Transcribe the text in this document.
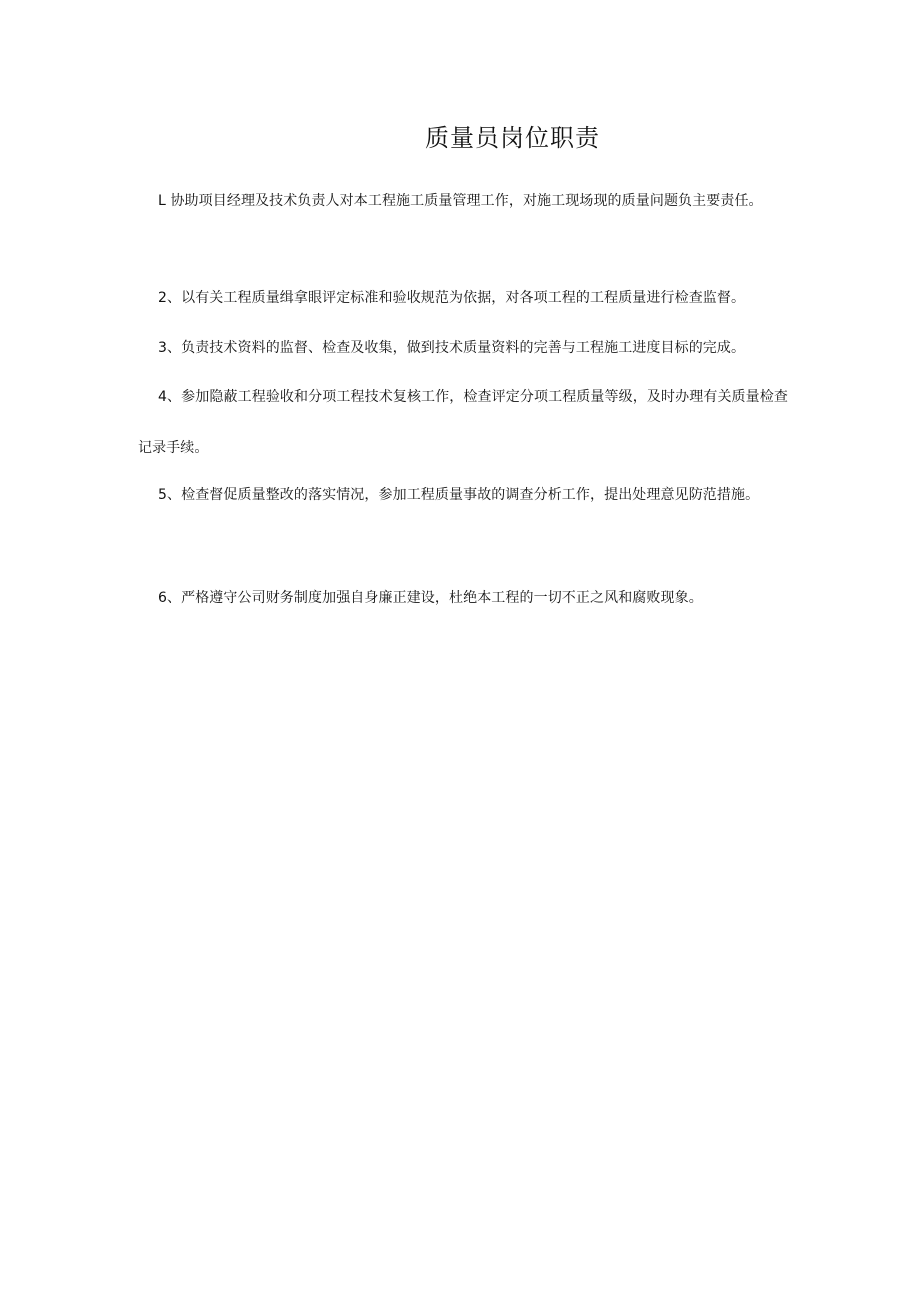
质量员岗位职责

L 协助项目经理及技术负责人对本工程施工质量管理工作，对施工现场现的质量问题负主要责任。

2、以有关工程质量缉拿眼评定标准和验收规范为依据，对各项工程的工程质量进行检查监督。

3、负责技术资料的监督、检查及收集，做到技术质量资料的完善与工程施工进度目标的完成。

4、参加隐蔽工程验收和分项工程技术复核工作，检查评定分项工程质量等级，及时办理有关质量检查记录手续。

5、检查督促质量整改的落实情况，参加工程质量事故的调查分析工作，提出处理意见防范措施。

6、严格遵守公司财务制度加强自身廉正建设，杜绝本工程的一切不正之风和腐败现象。
